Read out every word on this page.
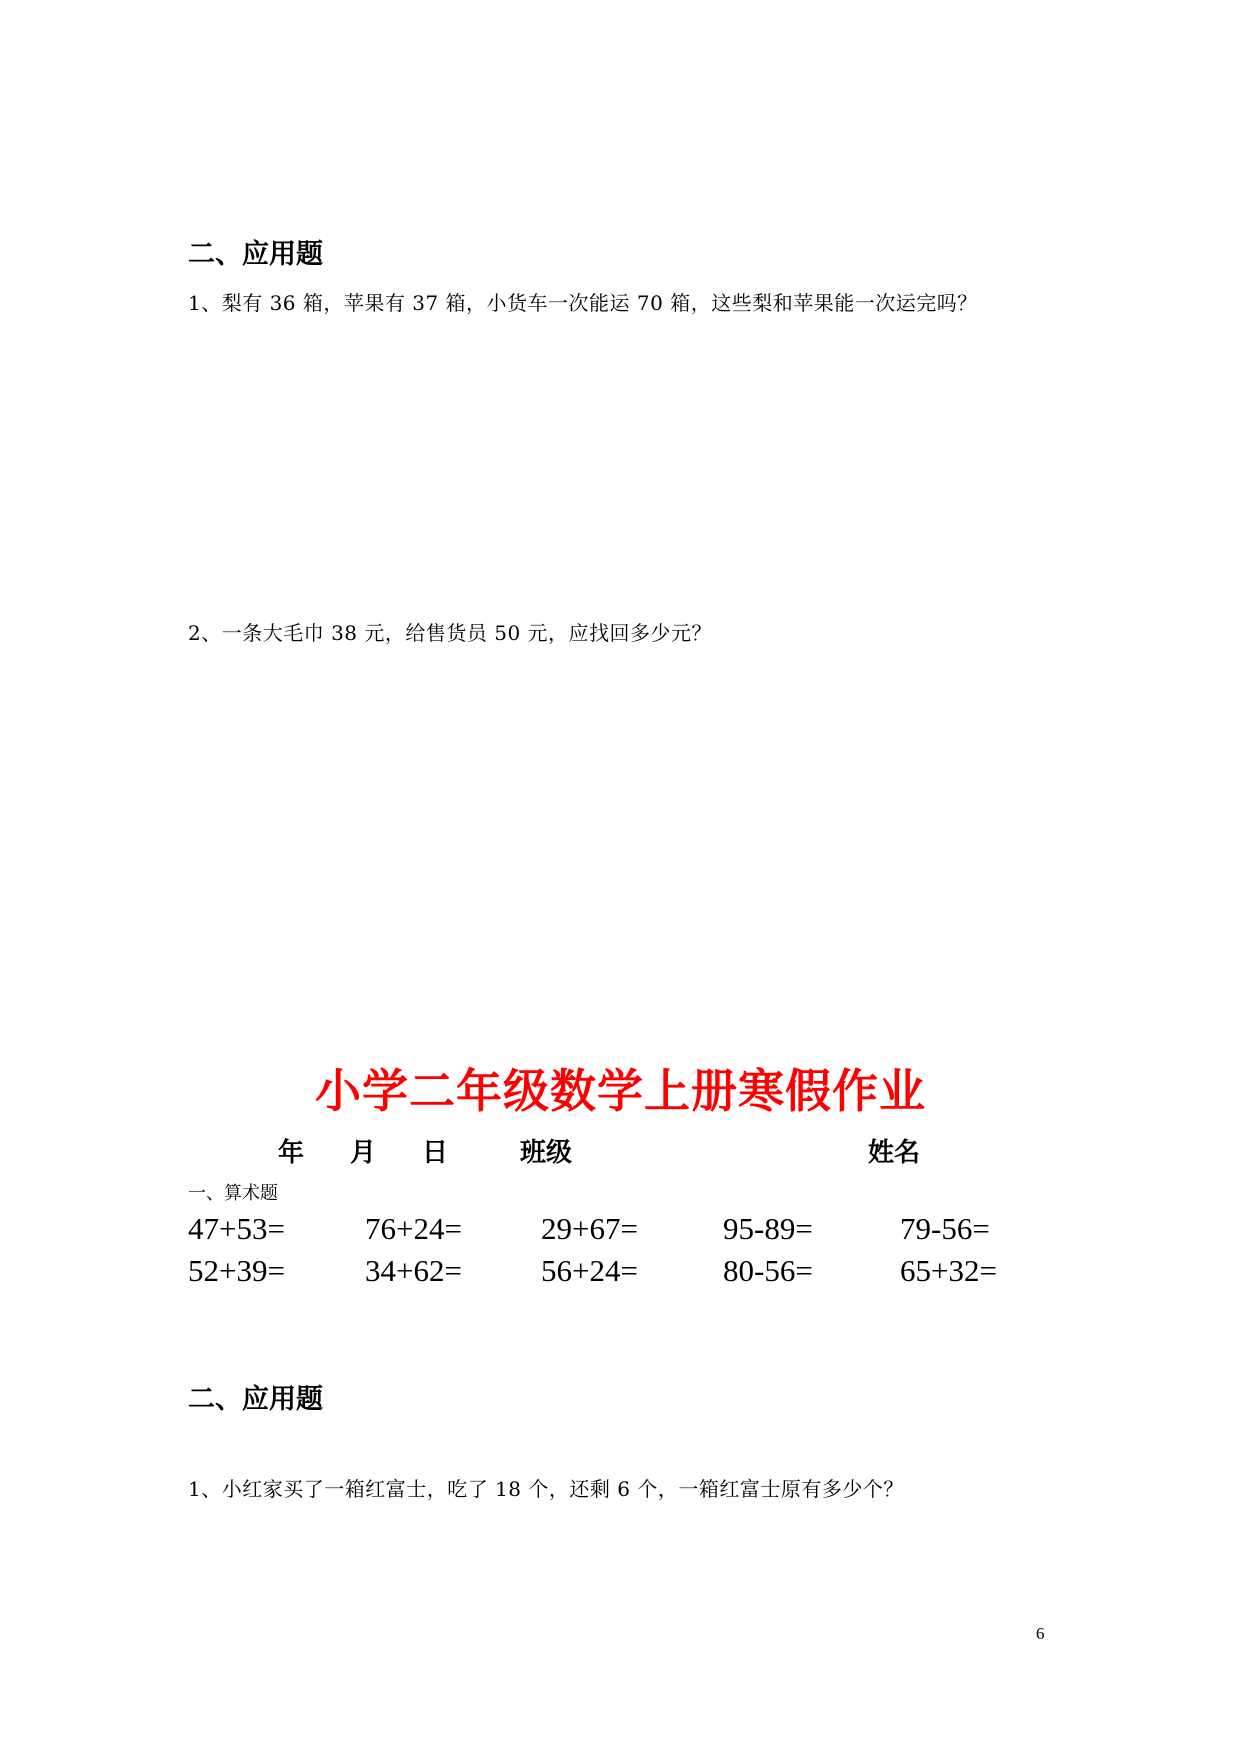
二、应用题
1、梨有 36 箱，苹果有 37 箱，小货车一次能运 70 箱，这些梨和苹果能一次运完吗？
2、一条大毛巾 38 元，给售货员 50 元，应找回多少元？
小学二年级数学上册寒假作业
年 月 日	班级	姓名
一、算术题
47+53=	76+24=	29+67=	95-89=	79-56=
52+39=	34+62=	56+24=	80-56=	65+32=
二、应用题
1、小红家买了一箱红富士，吃了 18 个，还剩 6 个，一箱红富士原有多少个？
6
